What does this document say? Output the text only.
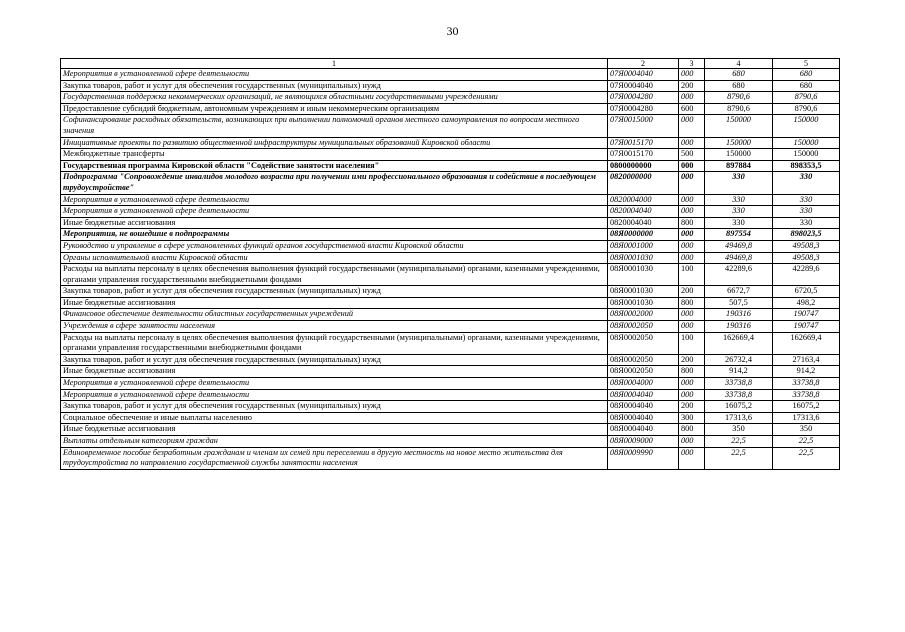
30
1	2	3	4	5
Мероприятия в установленной сфере деятельности	07Я0004040	000	680	680
Закупка товаров, работ и услуг для обеспечения государственных (муниципальных) нужд	07Я0004040	200	680	680
Государственная поддержка некоммерческих организаций, не являющихся областными государственными учреждениями	07Я0004280	000	8790,6	8790,6
Предоставление субсидий бюджетным, автономным учреждениям и иным некоммерческим организациям	07Я0004280	600	8790,6	8790,6
Софинансирование расходных обязательств, возникающих при выполнении полномочий органов местного самоуправления по вопросам местного значения	07Я0015000	000	150000	150000
Инициативные проекты по развитию общественной инфраструктуры муниципальных образований Кировской области	07Я0015170	000	150000	150000
Межбюджетные трансферты	07Я0015170	500	150000	150000
Государственная программа Кировской области "Содействие занятости населения"	0800000000	000	897884	898353,5
Подпрограмма "Сопровождение инвалидов молодого возраста при получении ими профессионального образования и содействие в последующем трудоустройстве"	0820000000	000	330	330
Мероприятия в установленной сфере деятельности	0820004000	000	330	330
Мероприятия в установленной сфере деятельности	0820004040	000	330	330
Иные бюджетные ассигнования	0820004040	800	330	330
Мероприятия, не вошедшие в подпрограммы	08Я0000000	000	897554	898023,5
Руководство и управление в сфере установленных функций органов государственной власти Кировской области	08Я0001000	000	49469,8	49508,3
Органы исполнительной власти Кировской области	08Я0001030	000	49469,8	49508,3
Расходы на выплаты персоналу в целях обеспечения выполнения функций государственными (муниципальными) органами, казенными учреждениями, органами управления государственными внебюджетными фондами	08Я0001030	100	42289,6	42289,6
Закупка товаров, работ и услуг для обеспечения государственных (муниципальных) нужд	08Я0001030	200	6672,7	6720,5
Иные бюджетные ассигнования	08Я0001030	800	507,5	498,2
Финансовое обеспечение деятельности областных государственных учреждений	08Я0002000	000	190316	190747
Учреждения в сфере занятости населения	08Я0002050	000	190316	190747
Расходы на выплаты персоналу в целях обеспечения выполнения функций государственными (муниципальными) органами, казенными учреждениями, органами управления государственными внебюджетными фондами	08Я0002050	100	162669,4	162669,4
Закупка товаров, работ и услуг для обеспечения государственных (муниципальных) нужд	08Я0002050	200	26732,4	27163,4
Иные бюджетные ассигнования	08Я0002050	800	914,2	914,2
Мероприятия в установленной сфере деятельности	08Я0004000	000	33738,8	33738,8
Мероприятия в установленной сфере деятельности	08Я0004040	000	33738,8	33738,8
Закупка товаров, работ и услуг для обеспечения государственных (муниципальных) нужд	08Я0004040	200	16075,2	16075,2
Социальное обеспечение и иные выплаты населению	08Я0004040	300	17313,6	17313,6
Иные бюджетные ассигнования	08Я0004040	800	350	350
Выплаты отдельным категориям граждан	08Я0009000	000	22,5	22,5
Единовременное пособие безработным гражданам и членам их семей при переселении в другую местность на новое место жительства для трудоустройства по направлению государственной службы занятости населения	08Я0009990	000	22,5	22,5
